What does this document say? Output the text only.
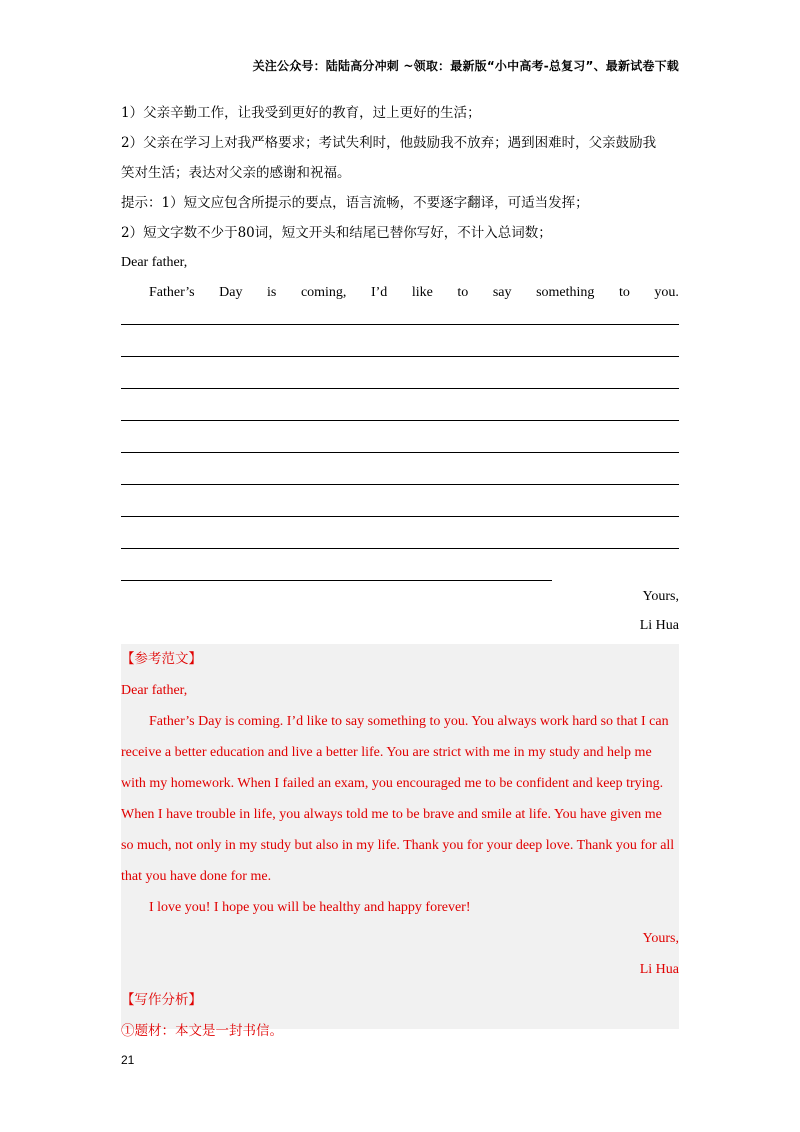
关注公众号：陆陆高分冲刺 ~领取：最新版“小中高考-总复习”、最新试卷下载
1）父亲辛勤工作，让我受到更好的教育，过上更好的生活；
2）父亲在学习上对我严格要求；考试失利时，他鼓励我不放弃；遇到困难时，父亲鼓励我
笑对生活；表达对父亲的感谢和祝福。
提示：1）短文应包含所提示的要点，语言流畅，不要逐字翻译，可适当发挥；
2）短文字数不少于80词，短文开头和结尾已替你写好，不计入总词数；
Dear father,
Father’s Day is coming, I’d like to say something to you.
Yours,
Li Hua
【参考范文】
Dear father,
Father’s Day is coming. I’d like to say something to you. You always work hard so that I can
receive a better education and live a better life. You are strict with me in my study and help me
with my homework. When I failed an exam, you encouraged me to be confident and keep trying.
When I have trouble in life, you always told me to be brave and smile at life. You have given me
so much, not only in my study but also in my life. Thank you for your deep love. Thank you for all
that you have done for me.
I love you! I hope you will be healthy and happy forever!
Yours,
Li Hua
【写作分析】
①题材：本文是一封书信。
21
